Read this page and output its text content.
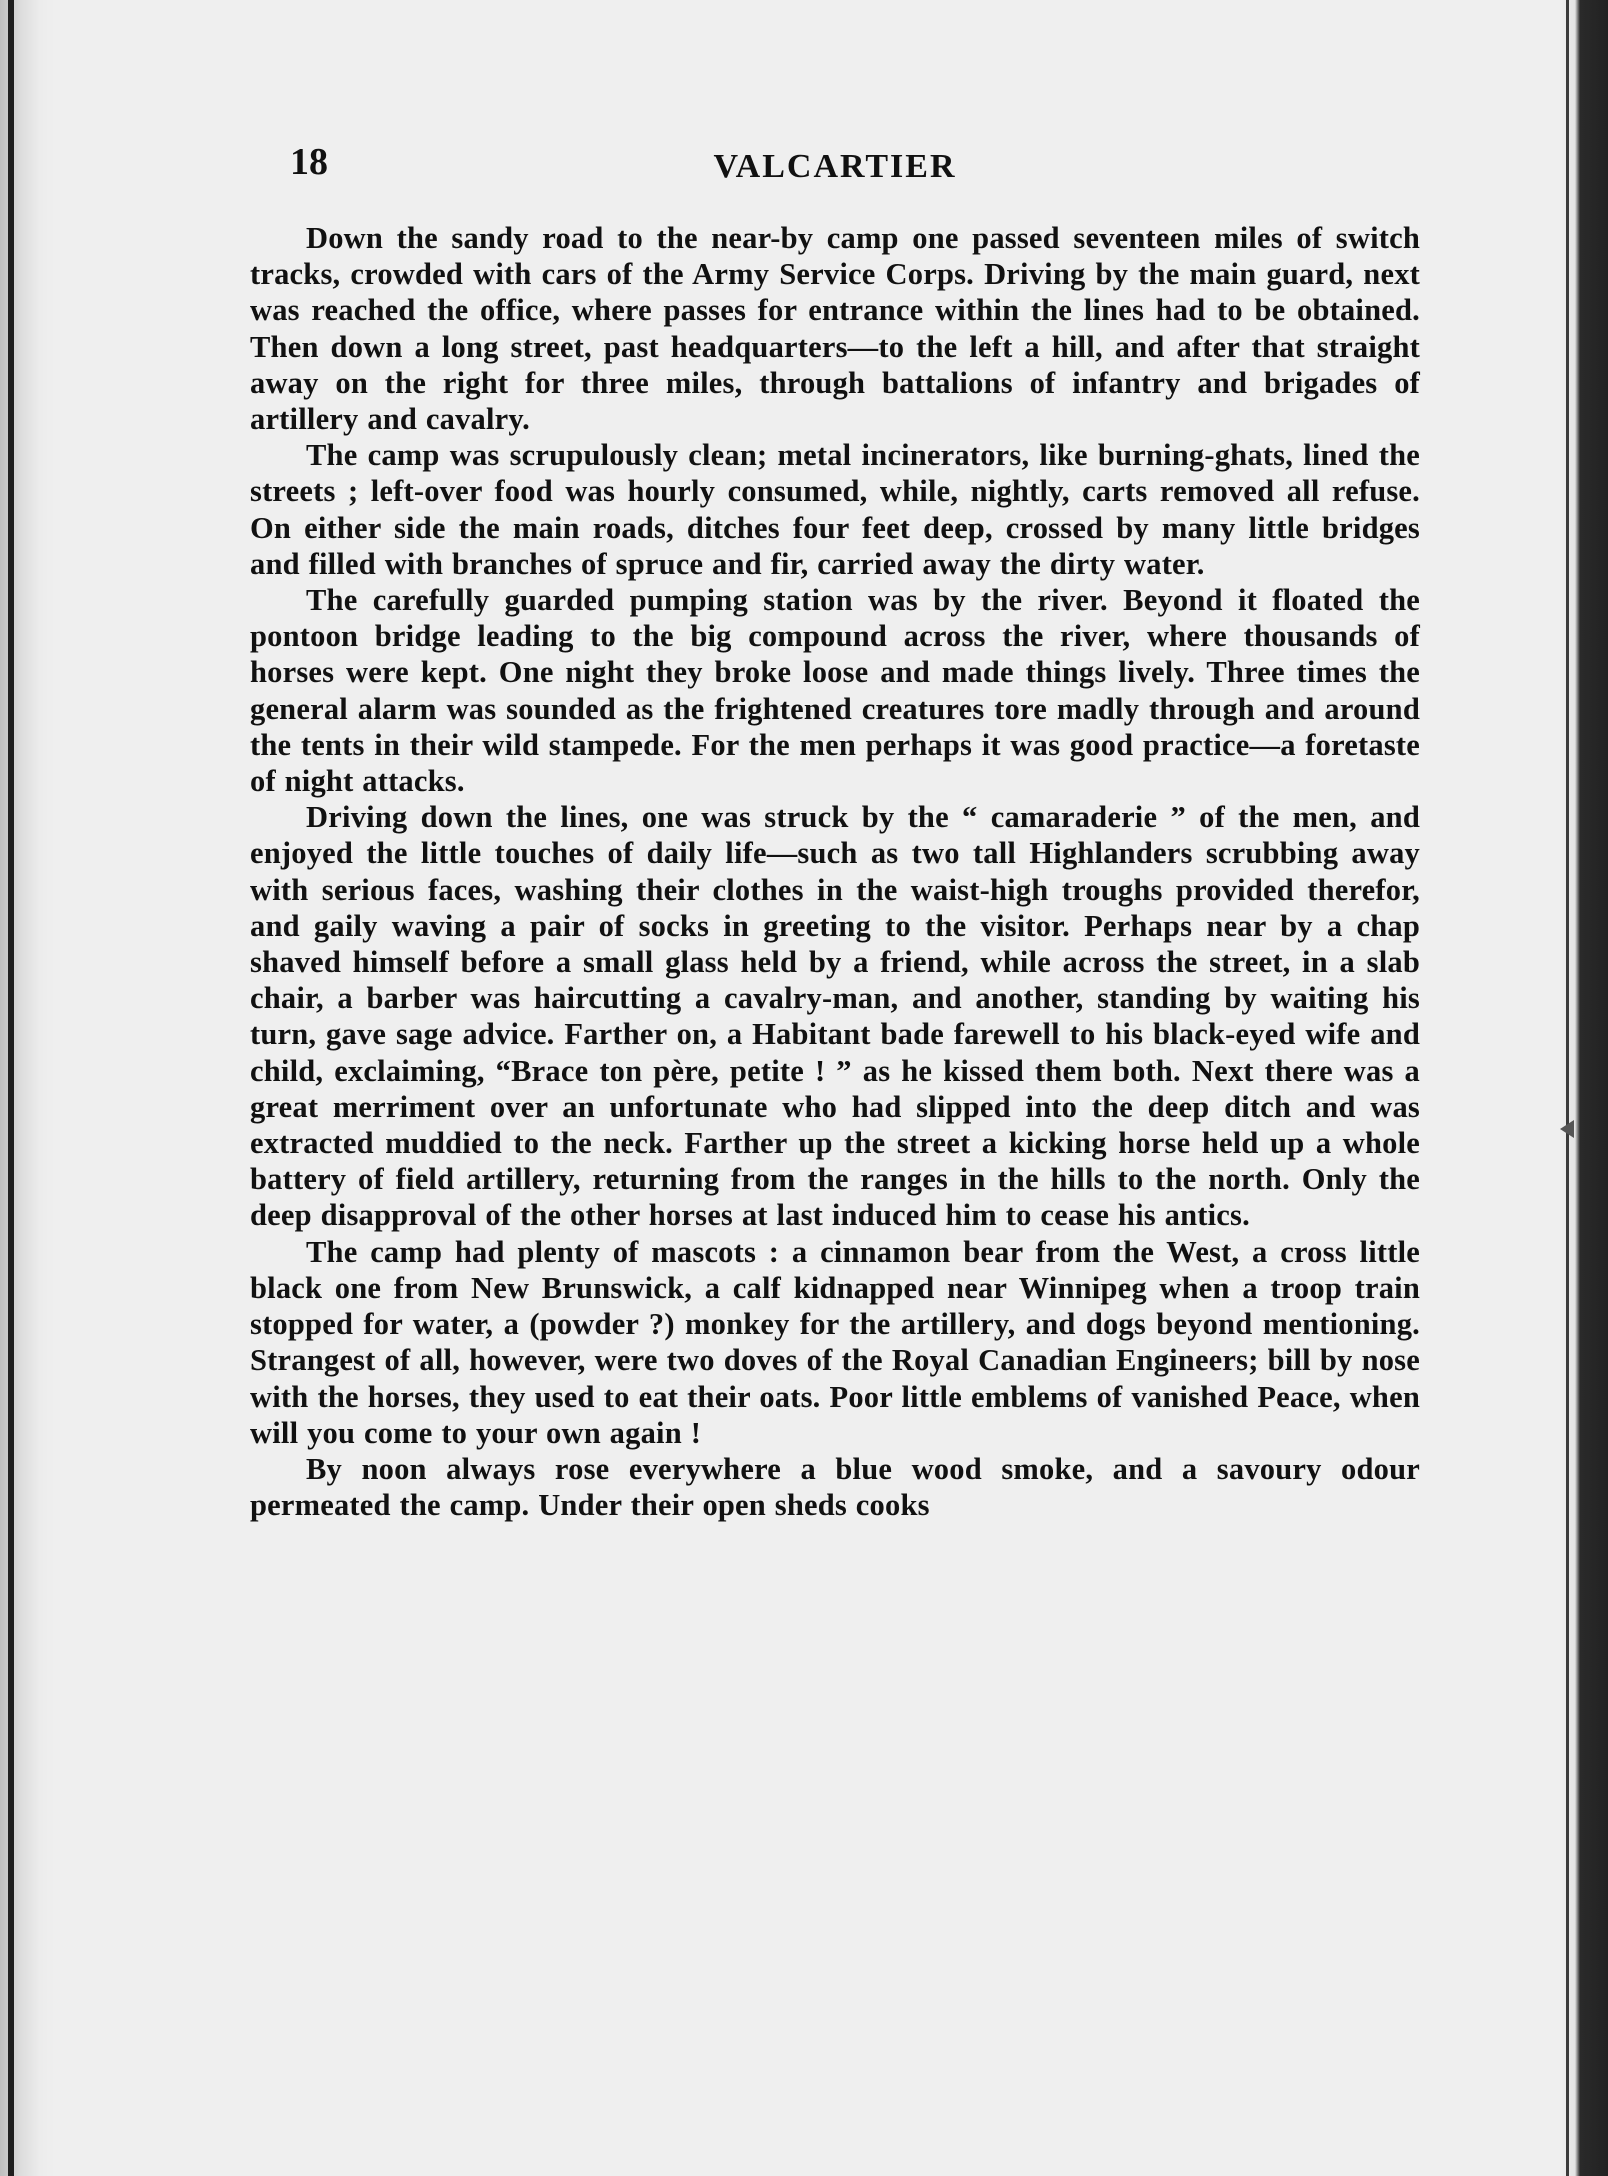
18	VALCARTIER

Down the sandy road to the near-by camp one passed seventeen miles of switch tracks, crowded with cars of the Army Service Corps. Driving by the main guard, next was reached the office, where passes for entrance within the lines had to be obtained. Then down a long street, past headquarters—to the left a hill, and after that straight away on the right for three miles, through battalions of infantry and brigades of artillery and cavalry.

The camp was scrupulously clean; metal incinerators, like burning-ghats, lined the streets ; left-over food was hourly consumed, while, nightly, carts removed all refuse. On either side the main roads, ditches four feet deep, crossed by many little bridges and filled with branches of spruce and fir, carried away the dirty water.

The carefully guarded pumping station was by the river. Beyond it floated the pontoon bridge leading to the big compound across the river, where thousands of horses were kept. One night they broke loose and made things lively. Three times the general alarm was sounded as the frightened creatures tore madly through and around the tents in their wild stampede. For the men perhaps it was good practice—a foretaste of night attacks.

Driving down the lines, one was struck by the “ camaraderie ” of the men, and enjoyed the little touches of daily life—such as two tall Highlanders scrubbing away with serious faces, washing their clothes in the waist-high troughs provided therefor, and gaily waving a pair of socks in greeting to the visitor. Perhaps near by a chap shaved himself before a small glass held by a friend, while across the street, in a slab chair, a barber was haircutting a cavalry-man, and another, standing by waiting his turn, gave sage advice. Farther on, a Habitant bade farewell to his black-eyed wife and child, exclaiming, “Brace ton père, petite ! ” as he kissed them both. Next there was a great merriment over an unfortunate who had slipped into the deep ditch and was extracted muddied to the neck. Farther up the street a kicking horse held up a whole battery of field artillery, returning from the ranges in the hills to the north. Only the deep disapproval of the other horses at last induced him to cease his antics.

The camp had plenty of mascots : a cinnamon bear from the West, a cross little black one from New Brunswick, a calf kidnapped near Winnipeg when a troop train stopped for water, a (powder ?) monkey for the artillery, and dogs beyond mentioning. Strangest of all, however, were two doves of the Royal Canadian Engineers; bill by nose with the horses, they used to eat their oats. Poor little emblems of vanished Peace, when will you come to your own again !

By noon always rose everywhere a blue wood smoke, and a savoury odour permeated the camp. Under their open sheds cooks
